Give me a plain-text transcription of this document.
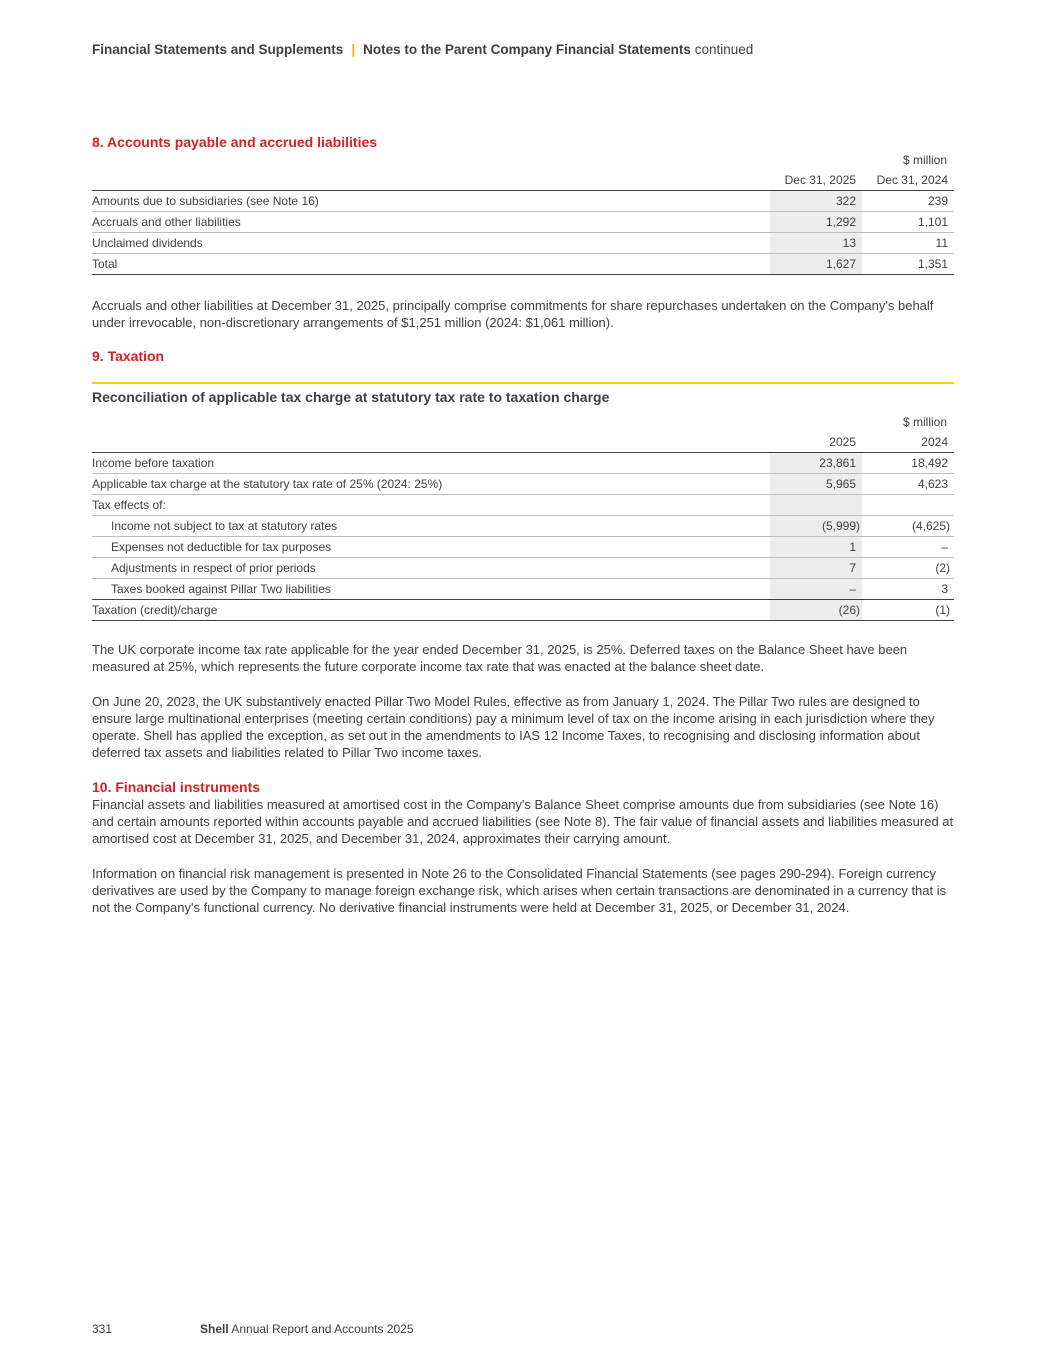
Financial Statements and Supplements | Notes to the Parent Company Financial Statements continued
8. Accounts payable and accrued liabilities
$ million
	Dec 31, 2025	Dec 31, 2024
Amounts due to subsidiaries (see Note 16)	322	239
Accruals and other liabilities	1,292	1,101
Unclaimed dividends	13	11
Total	1,627	1,351

Accruals and other liabilities at December 31, 2025, principally comprise commitments for share repurchases undertaken on the Company's behalf under irrevocable, non-discretionary arrangements of $1,251 million (2024: $1,061 million).

9. Taxation
Reconciliation of applicable tax charge at statutory tax rate to taxation charge
$ million
	2025	2024
Income before taxation	23,861	18,492
Applicable tax charge at the statutory tax rate of 25% (2024: 25%)	5,965	4,623
Tax effects of:		
Income not subject to tax at statutory rates	(5,999)	(4,625)
Expenses not deductible for tax purposes	1	–
Adjustments in respect of prior periods	7	(2)
Taxes booked against Pillar Two liabilities	–	3
Taxation (credit)/charge	(26)	(1)

The UK corporate income tax rate applicable for the year ended December 31, 2025, is 25%. Deferred taxes on the Balance Sheet have been measured at 25%, which represents the future corporate income tax rate that was enacted at the balance sheet date.

On June 20, 2023, the UK substantively enacted Pillar Two Model Rules, effective as from January 1, 2024. The Pillar Two rules are designed to ensure large multinational enterprises (meeting certain conditions) pay a minimum level of tax on the income arising in each jurisdiction where they operate. Shell has applied the exception, as set out in the amendments to IAS 12 Income Taxes, to recognising and disclosing information about deferred tax assets and liabilities related to Pillar Two income taxes.

10. Financial instruments

Financial assets and liabilities measured at amortised cost in the Company's Balance Sheet comprise amounts due from subsidiaries (see Note 16) and certain amounts reported within accounts payable and accrued liabilities (see Note 8). The fair value of financial assets and liabilities measured at amortised cost at December 31, 2025, and December 31, 2024, approximates their carrying amount.

Information on financial risk management is presented in Note 26 to the Consolidated Financial Statements (see pages 290-294). Foreign currency derivatives are used by the Company to manage foreign exchange risk, which arises when certain transactions are denominated in a currency that is not the Company's functional currency. No derivative financial instruments were held at December 31, 2025, or December 31, 2024.

331	Shell Annual Report and Accounts 2025
